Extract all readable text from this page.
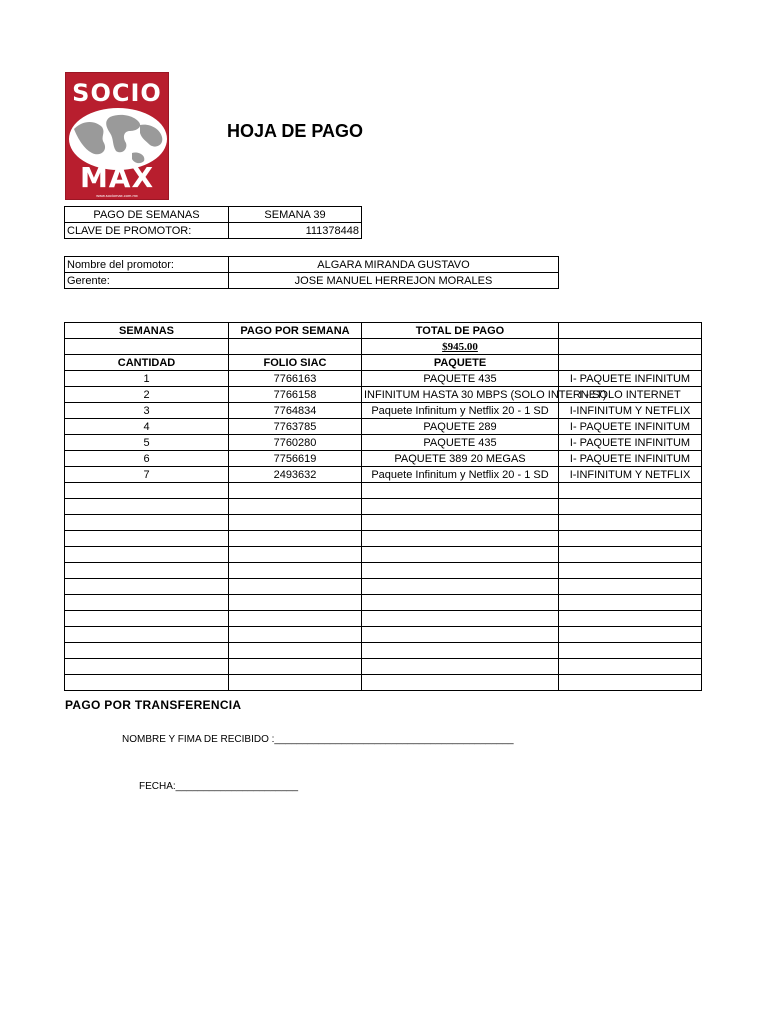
SOCIO
MAX
www.sociomax.com.mx
HOJA DE PAGO
PAGO DE SEMANAS	SEMANA 39
CLAVE DE PROMOTOR:	111378448
Nombre del promotor:	ALGARA MIRANDA GUSTAVO
Gerente:	JOSE MANUEL HERREJON MORALES
SEMANAS	PAGO POR SEMANA	TOTAL DE PAGO	
		$945.00	
CANTIDAD	FOLIO SIAC	PAQUETE	
1	7766163	PAQUETE 435	I- PAQUETE INFINITUM
2	7766158	INFINITUM HASTA 30 MBPS (SOLO INTERNET)	I - SOLO INTERNET
3	7764834	Paquete Infinitum y Netflix 20 - 1 SD	I-INFINITUM Y NETFLIX
4	7763785	PAQUETE 289	I- PAQUETE INFINITUM
5	7760280	PAQUETE 435	I- PAQUETE INFINITUM
6	7756619	PAQUETE 389 20 MEGAS	I- PAQUETE INFINITUM
7	2493632	Paquete Infinitum y Netflix 20 - 1 SD	I-INFINITUM Y NETFLIX

PAGO POR TRANSFERENCIA
NOMBRE Y FIMA DE RECIBIDO :___________________________________________
FECHA:______________________
